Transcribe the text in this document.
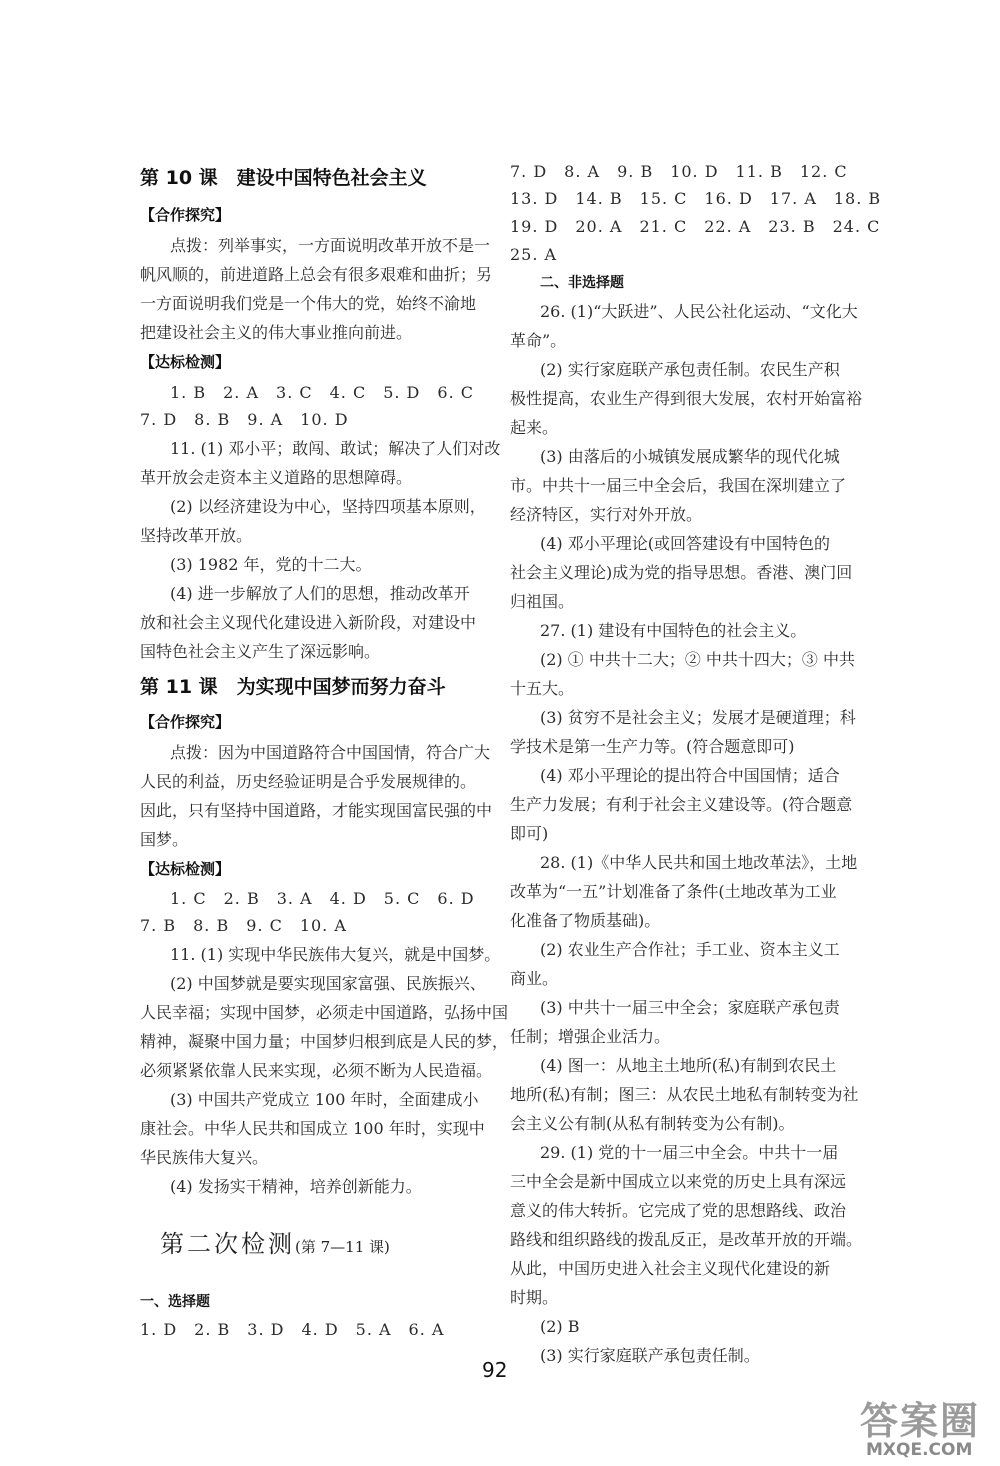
第 10 课　建设中国特色社会主义
【合作探究】
点拨：列举事实，一方面说明改革开放不是一
帆风顺的，前进道路上总会有很多艰难和曲折；另
一方面说明我们党是一个伟大的党，始终不渝地
把建设社会主义的伟大事业推向前进。
【达标检测】
1. B　2. A　3. C　4. C　5. D　6. C
7. D　8. B　9. A　10. D
11. (1) 邓小平；敢闯、敢试；解决了人们对改
革开放会走资本主义道路的思想障碍。
(2) 以经济建设为中心，坚持四项基本原则，
坚持改革开放。
(3) 1982 年，党的十二大。
(4) 进一步解放了人们的思想，推动改革开
放和社会主义现代化建设进入新阶段，对建设中
国特色社会主义产生了深远影响。
第 11 课　为实现中国梦而努力奋斗
【合作探究】
点拨：因为中国道路符合中国国情，符合广大
人民的利益，历史经验证明是合乎发展规律的。
因此，只有坚持中国道路，才能实现国富民强的中
国梦。
【达标检测】
1. C　2. B　3. A　4. D　5. C　6. D
7. B　8. B　9. C　10. A
11. (1) 实现中华民族伟大复兴，就是中国梦。
(2) 中国梦就是要实现国家富强、民族振兴、
人民幸福；实现中国梦，必须走中国道路，弘扬中国
精神，凝聚中国力量；中国梦归根到底是人民的梦，
必须紧紧依靠人民来实现，必须不断为人民造福。
(3) 中国共产党成立 100 年时，全面建成小
康社会。中华人民共和国成立 100 年时，实现中
华民族伟大复兴。
(4) 发扬实干精神，培养创新能力。
第二次检测(第 7—11 课)
一、选择题
1. D　2. B　3. D　4. D　5. A　6. A
7. D　8. A　9. B　10. D　11. B　12. C
13. D　14. B　15. C　16. D　17. A　18. B
19. D　20. A　21. C　22. A　23. B　24. C
25. A
二、非选择题
26. (1)“大跃进”、人民公社化运动、“文化大
革命”。
(2) 实行家庭联产承包责任制。农民生产积
极性提高，农业生产得到很大发展，农村开始富裕
起来。
(3) 由落后的小城镇发展成繁华的现代化城
市。中共十一届三中全会后，我国在深圳建立了
经济特区，实行对外开放。
(4) 邓小平理论(或回答建设有中国特色的
社会主义理论)成为党的指导思想。香港、澳门回
归祖国。
27. (1) 建设有中国特色的社会主义。
(2) ① 中共十二大；② 中共十四大；③ 中共
十五大。
(3) 贫穷不是社会主义；发展才是硬道理；科
学技术是第一生产力等。(符合题意即可)
(4) 邓小平理论的提出符合中国国情；适合
生产力发展；有利于社会主义建设等。(符合题意
即可)
28. (1)《中华人民共和国土地改革法》，土地
改革为“一五”计划准备了条件(土地改革为工业
化准备了物质基础)。
(2) 农业生产合作社；手工业、资本主义工
商业。
(3) 中共十一届三中全会；家庭联产承包责
任制；增强企业活力。
(4) 图一：从地主土地所(私)有制到农民土
地所(私)有制；图三：从农民土地私有制转变为社
会主义公有制(从私有制转变为公有制)。
29. (1) 党的十一届三中全会。中共十一届
三中全会是新中国成立以来党的历史上具有深远
意义的伟大转折。它完成了党的思想路线、政治
路线和组织路线的拨乱反正，是改革开放的开端。
从此，中国历史进入社会主义现代化建设的新
时期。
(2) B
(3) 实行家庭联产承包责任制。
92
答案圈
MXQE.COM
